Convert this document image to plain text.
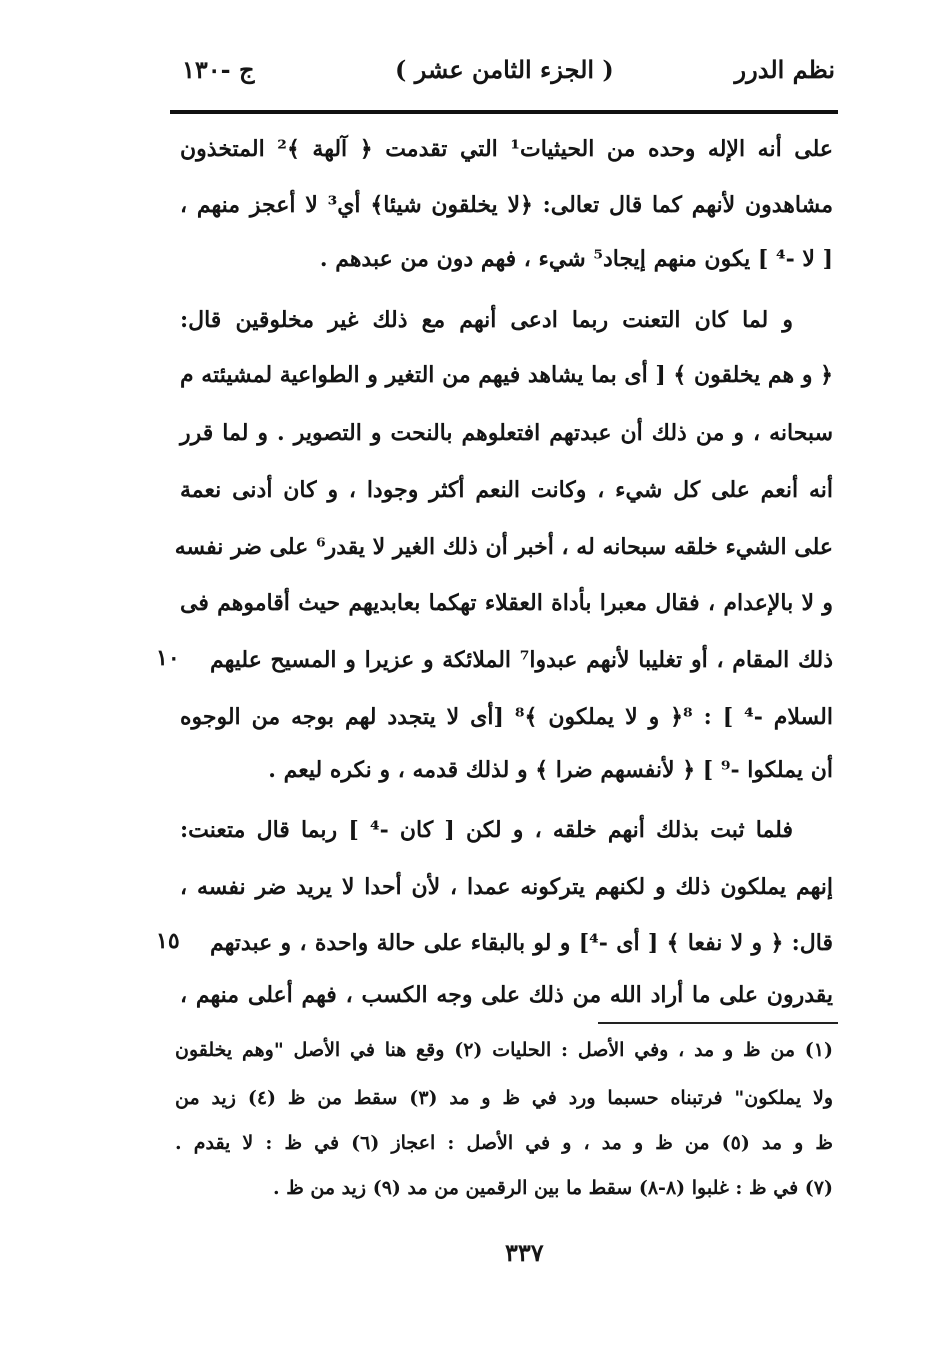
نظم الدرر
( الجزء الثامن عشر )
ج -١٣٠
على أنه الإله وحده من الحيثيات¹ التي تقدمت ﴿ آلهة ﴾² المتخذون
مشاهدون لأنهم كما قال تعالى: ﴿لا يخلقون شيئا﴾ أي³ لا أعجز منهم ،
[ لا -⁴ ] يكون منهم إيجاد⁵ شيء ، فهم دون من عبدهم .
و لما كان التعنت ربما ادعى أنهم مع ذلك غير مخلوقين قال:
﴿ و هم يخلقون ﴾ [ أى بما يشاهد فيهم من التغير و الطواعية لمشيئته م
سبحانه ، و من ذلك أن عبدتهم افتعلوهم بالنحت و التصوير . و لما قرر
أنه أنعم على كل شيء ، وكانت النعم أكثر وجودا ، و كان أدنى نعمة
على الشيء خلقه سبحانه له ، أخبر أن ذلك الغير لا يقدر⁶ على ضر نفسه
و لا بالإعدام ، فقال معبرا بأداة العقلاء تهكما بعابديهم حيث أقاموهم فى
ذلك المقام ، أو تغليبا لأنهم عبدوا⁷ الملائكة و عزيرا و المسيح عليهم
١٠
السلام -⁴ ] : ⁸﴿ و لا يملكون ﴾⁸ [أى لا يتجدد لهم بوجه من الوجوه
أن يملكوا -⁹ ] ﴿ لأنفسهم ضرا ﴾ و لذلك قدمه ، و نكره ليعم .
فلما ثبت بذلك أنهم خلقه ، و لكن [ كان -⁴ ] ربما قال متعنت:
إنهم يملكون ذلك و لكنهم يتركونه عمدا ، لأن أحدا لا يريد ضر نفسه ،
قال: ﴿ و لا نفعا ﴾ [ أى -⁴] و لو بالبقاء على حالة واحدة ، و عبدتهم
١٥
يقدرون على ما أراد الله من ذلك على وجه الكسب ، فهم أعلى منهم ،
(١) من ظ و مد ، وفي الأصل : الحليات (٢) وقع هنا في الأصل "وهم يخلقون
ولا يملكون" فرتبناه حسبما ورد في ظ و مد (٣) سقط من ظ (٤) زيد من
ظ و مد (٥) من ظ و مد ، و في الأصل : اعجاز (٦) في ظ : لا يقدم .
(٧) في ظ : غلبوا (٨-٨) سقط ما بين الرقمين من مد (٩) زيد من ظ .
٣٣٧
